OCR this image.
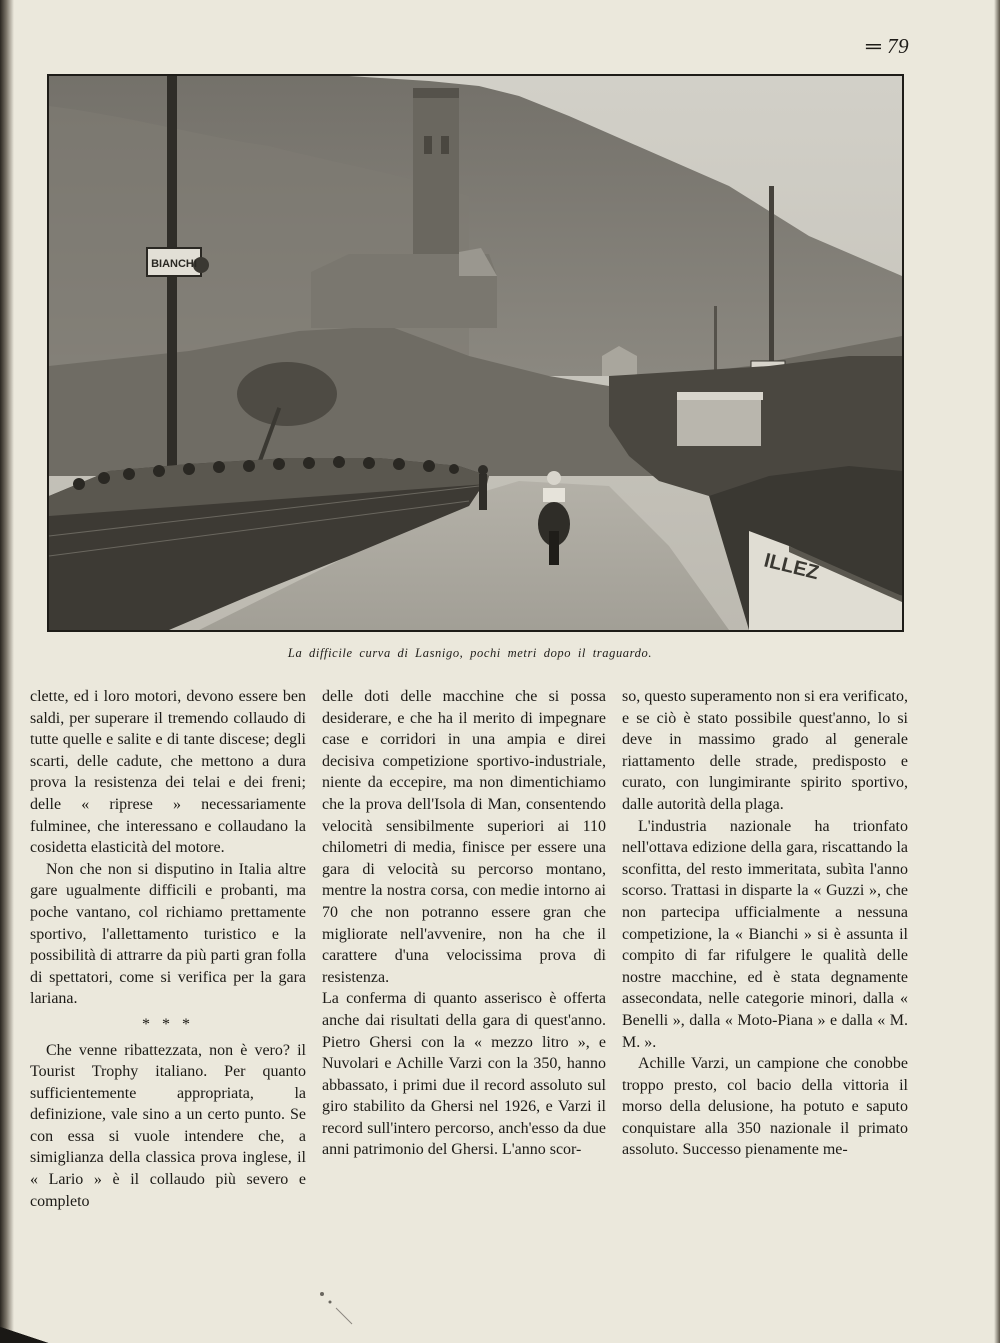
═ 79
BIANCHI
ILLEZ
La difficile curva di Lasnigo, pochi metri dopo il traguardo.

clette, ed i loro motori, devono essere ben saldi, per superare il tremendo collaudo di tutte quelle e salite e di tante discese; degli scarti, delle cadute, che mettono a dura prova la resistenza dei telai e dei freni; delle « riprese » necessariamente fulminee, che interessano e collaudano la cosidetta elasticità del motore.

Non che non si disputino in Italia altre gare ugualmente difficili e probanti, ma poche vantano, col richiamo prettamente sportivo, l'allettamento turistico e la possibilità di attrarre da più parti gran folla di spettatori, come si verifica per la gara lariana.

* * *

Che venne ribattezzata, non è vero? il Tourist Trophy italiano. Per quanto sufficientemente appropriata, la definizione, vale sino a un certo punto. Se con essa si vuole intendere che, a simiglianza della classica prova inglese, il « Lario » è il collaudo più severo e completo

delle doti delle macchine che si possa desiderare, e che ha il merito di impegnare case e corridori in una ampia e direi decisiva competizione sportivo-industriale, niente da eccepire, ma non dimentichiamo che la prova dell'Isola di Man, consentendo velocità sensibilmente superiori ai 110 chilometri di media, finisce per essere una gara di velocità su percorso montano, mentre la nostra corsa, con medie intorno ai 70 che non potranno essere gran che migliorate nell'avvenire, non ha che il carattere d'una velocissima prova di resistenza.

La conferma di quanto asserisco è offerta anche dai risultati della gara di quest'anno. Pietro Ghersi con la « mezzo litro », e Nuvolari e Achille Varzi con la 350, hanno abbassato, i primi due il record assoluto sul giro stabilito da Ghersi nel 1926, e Varzi il record sull'intero percorso, anch'esso da due anni patrimonio del Ghersi. L'anno scor-

so, questo superamento non si era verificato, e se ciò è stato possibile quest'anno, lo si deve in massimo grado al generale riattamento delle strade, predisposto e curato, con lungimirante spirito sportivo, dalle autorità della plaga.

L'industria nazionale ha trionfato nell'ottava edizione della gara, riscattando la sconfitta, del resto immeritata, subìta l'anno scorso. Trattasi in disparte la « Guzzi », che non partecipa ufficialmente a nessuna competizione, la « Bianchi » si è assunta il compito di far rifulgere le qualità delle nostre macchine, ed è stata degnamente assecondata, nelle categorie minori, dalla « Benelli », dalla « Moto-Piana » e dalla « M. M. ».

Achille Varzi, un campione che conobbe troppo presto, col bacio della vittoria il morso della delusione, ha potuto e saputo conquistare alla 350 nazionale il primato assoluto. Successo pienamente me-
